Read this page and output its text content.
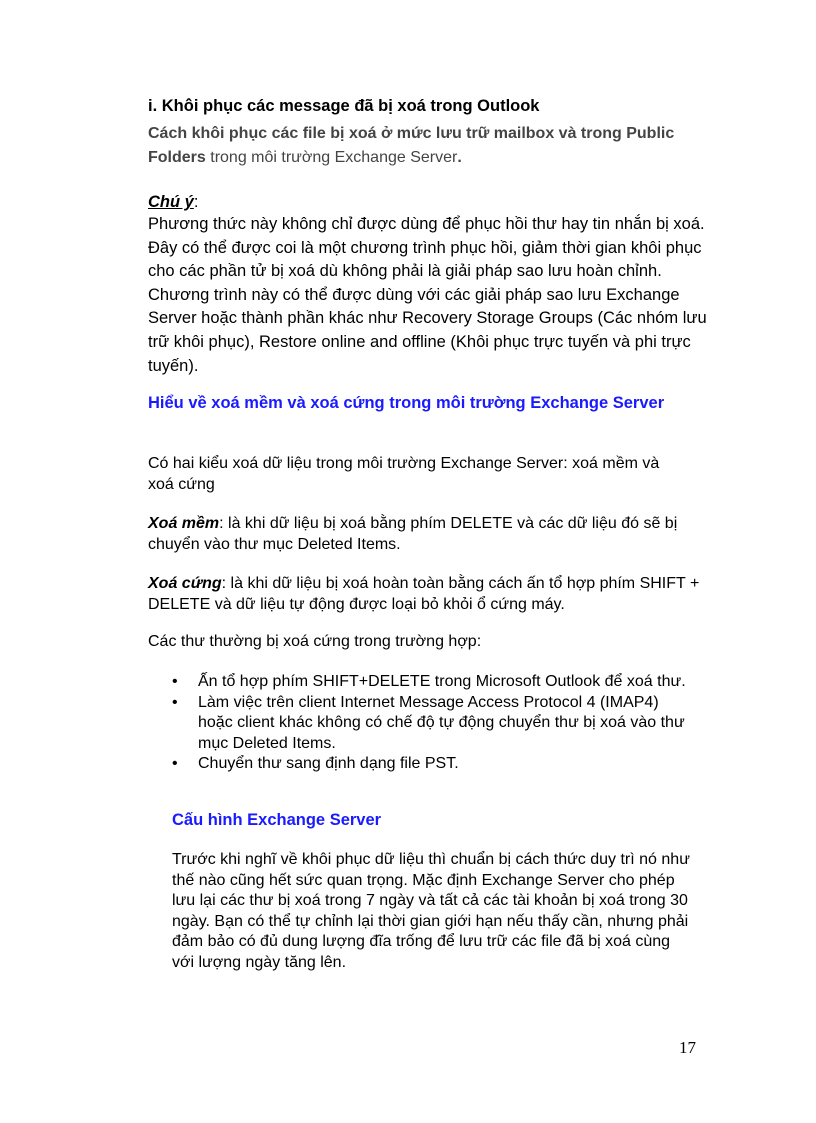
i. Khôi phục các message đã bị xoá trong Outlook
Cách khôi phục các file bị xoá ở mức lưu trữ mailbox và trong Public Folders trong môi trường Exchange Server.
Chú ý:
Phương thức này không chỉ được dùng để phục hồi thư hay tin nhắn bị xoá. Đây có thể được coi là một chương trình phục hồi, giảm thời gian khôi phục cho các phần tử bị xoá dù không phải là giải pháp sao lưu hoàn chỉnh. Chương trình này có thể được dùng với các giải pháp sao lưu Exchange Server hoặc thành phần khác như Recovery Storage Groups (Các nhóm lưu trữ khôi phục), Restore online and offline (Khôi phục trực tuyến và phi trực tuyến).
Hiểu về xoá mềm và xoá cứng trong môi trường Exchange Server
Có hai kiểu xoá dữ liệu trong môi trường Exchange Server: xoá mềm và xoá cứng
Xoá mềm: là khi dữ liệu bị xoá bằng phím DELETE và các dữ liệu đó sẽ bị chuyển vào thư mục Deleted Items.
Xoá cứng: là khi dữ liệu bị xoá hoàn toàn bằng cách ấn tổ hợp phím SHIFT + DELETE và dữ liệu tự động được loại bỏ khỏi ổ cứng máy.
Các thư thường bị xoá cứng trong trường hợp:
• Ấn tổ hợp phím SHIFT+DELETE trong Microsoft Outlook để xoá thư.
• Làm việc trên client Internet Message Access Protocol 4 (IMAP4) hoặc client khác không có chế độ tự động chuyển thư bị xoá vào thư mục Deleted Items.
• Chuyển thư sang định dạng file PST.
Cấu hình Exchange Server
Trước khi nghĩ về khôi phục dữ liệu thì chuẩn bị cách thức duy trì nó như thế nào cũng hết sức quan trọng. Mặc định Exchange Server cho phép lưu lại các thư bị xoá trong 7 ngày và tất cả các tài khoản bị xoá trong 30 ngày. Bạn có thể tự chỉnh lại thời gian giới hạn nếu thấy cần, nhưng phải đảm bảo có đủ dung lượng đĩa trống để lưu trữ các file đã bị xoá cùng với lượng ngày tăng lên.
17
